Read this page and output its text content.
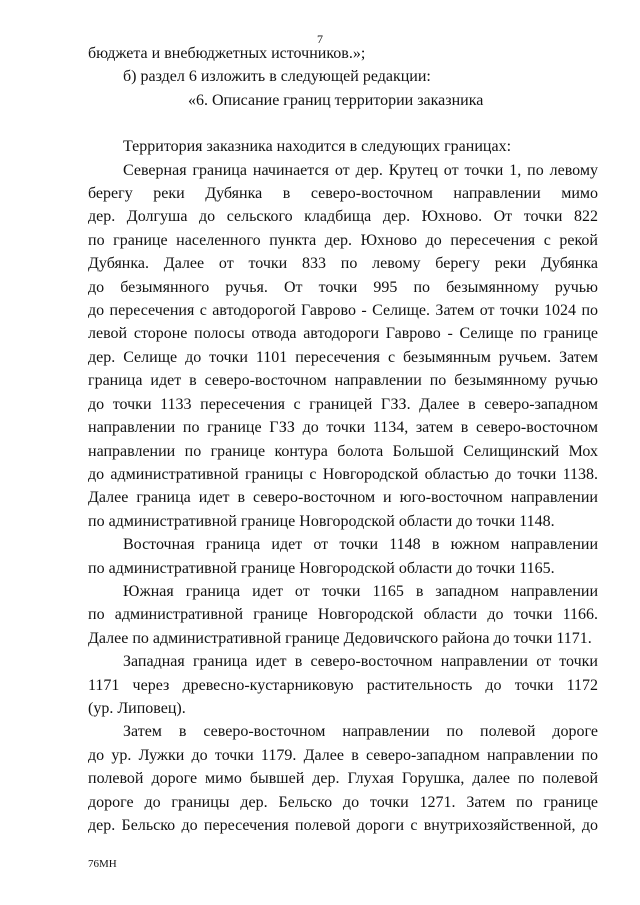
7
бюджета и внебюджетных источников.»;
б) раздел 6 изложить в следующей редакции:
«6. Описание границ территории заказника
Территория заказника находится в следующих границах:
Северная граница начинается от дер. Крутец от точки 1, по левому
берегу реки Дубянка в северо-восточном направлении мимо
дер. Долгуша до сельского кладбища дер. Юхново. От точки 822
по границе населенного пункта дер. Юхново до пересечения с рекой
Дубянка. Далее от точки 833 по левому берегу реки Дубянка
до безымянного ручья. От точки 995 по безымянному ручью
до пересечения с автодорогой Гаврово - Селище. Затем от точки 1024 по
левой стороне полосы отвода автодороги Гаврово - Селище по границе
дер. Селище до точки 1101 пересечения с безымянным ручьем. Затем
граница идет в северо-восточном направлении по безымянному ручью
до точки 1133 пересечения с границей ГЗЗ. Далее в северо-западном
направлении по границе ГЗЗ до точки 1134, затем в северо-восточном
направлении по границе контура болота Большой Селищинский Мох
до административной границы с Новгородской областью до точки 1138.
Далее граница идет в северо-восточном и юго-восточном направлении
по административной границе Новгородской области до точки 1148.
Восточная граница идет от точки 1148 в южном направлении
по административной границе Новгородской области до точки 1165.
Южная граница идет от точки 1165 в западном направлении
по административной границе Новгородской области до точки 1166.
Далее по административной границе Дедовичского района до точки 1171.
Западная граница идет в северо-восточном направлении от точки
1171 через древесно-кустарниковую растительность до точки 1172
(ур. Липовец).
Затем в северо-восточном направлении по полевой дороге
до ур. Лужки до точки 1179. Далее в северо-западном направлении по
полевой дороге мимо бывшей дер. Глухая Горушка, далее по полевой
дороге до границы дер. Бельско до точки 1271. Затем по границе
дер. Бельско до пересечения полевой дороги с внутрихозяйственной, до
76МН
